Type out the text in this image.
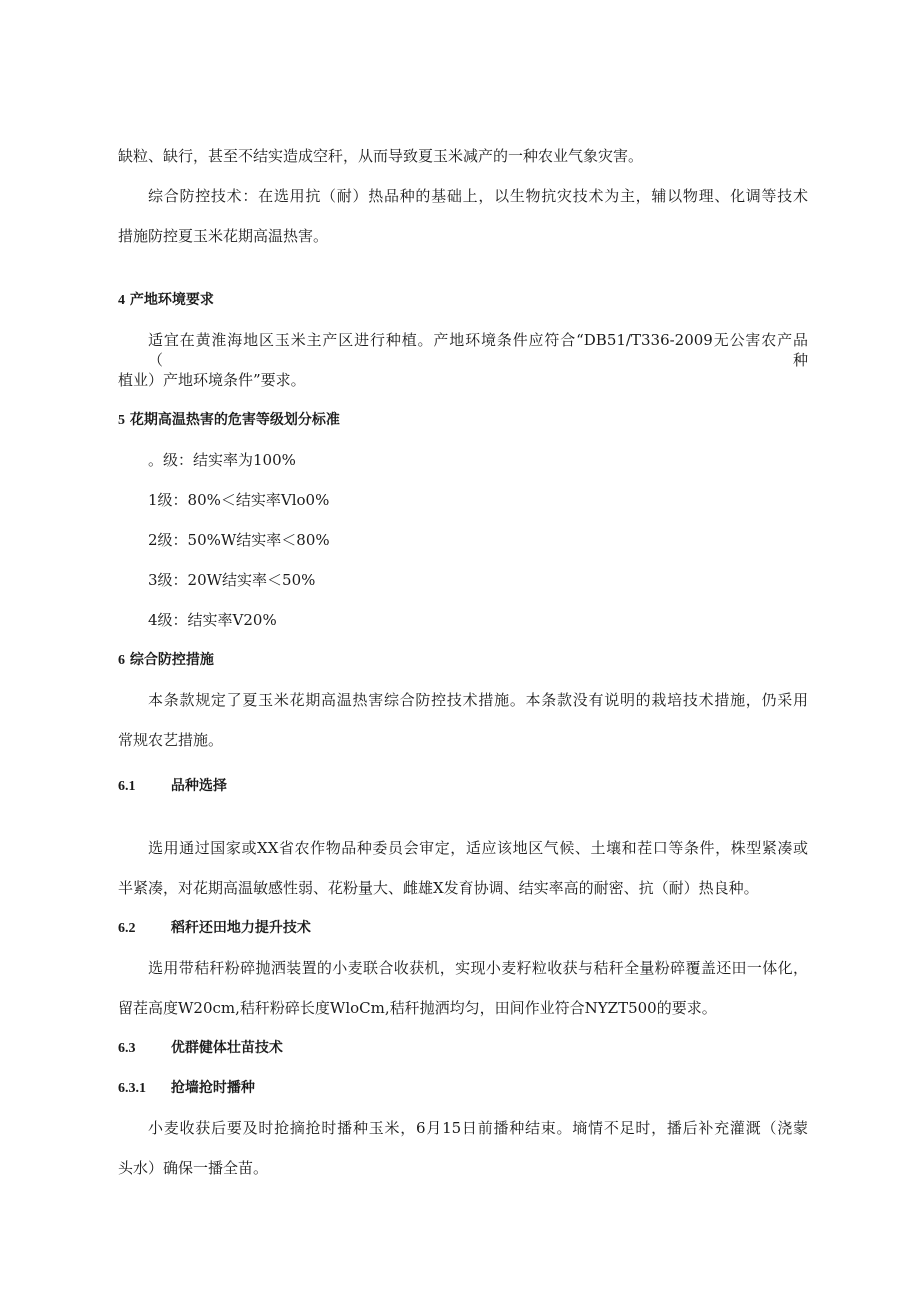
缺粒、缺行，甚至不结实造成空秆，从而导致夏玉米减产的一种农业气象灾害。
综合防控技术：在选用抗（耐）热品种的基础上，以生物抗灾技术为主，辅以物理、化调等技术
措施防控夏玉米花期高温热害。
4 产地环境要求
适宜在黄淮海地区玉米主产区进行种植。产地环境条件应符合“DB51/T336-2009无公害农产品（种
植业）产地环境条件”要求。
5 花期高温热害的危害等级划分标准
。级：结实率为100%
1级：80%＜结实率Vlo0%
2级：50%W结实率＜80%
3级：20W结实率＜50%
4级：结实率V20%
6 综合防控措施
本条款规定了夏玉米花期高温热害综合防控技术措施。本条款没有说明的栽培技术措施，仍采用
常规农艺措施。
6.1	品种选择
选用通过国家或XX省农作物品种委员会审定，适应该地区气候、土壤和茬口等条件，株型紧凑或
半紧凑，对花期高温敏感性弱、花粉量大、雌雄X发育协调、结实率高的耐密、抗（耐）热良种。
6.2	稻秆还田地力提升技术
选用带秸秆粉碎抛洒装置的小麦联合收获机，实现小麦籽粒收获与秸秆全量粉碎覆盖还田一体化，
留茬高度W20cm,秸秆粉碎长度WloCm,秸秆抛洒均匀，田间作业符合NYZT500的要求。
6.3	优群健体壮苗技术
6.3.1 抢墙抢时播种
小麦收获后要及时抢摘抢时播种玉米，6月15日前播种结束。墒情不足时，播后补充灌溉（浇蒙
头水）确保一播全苗。
